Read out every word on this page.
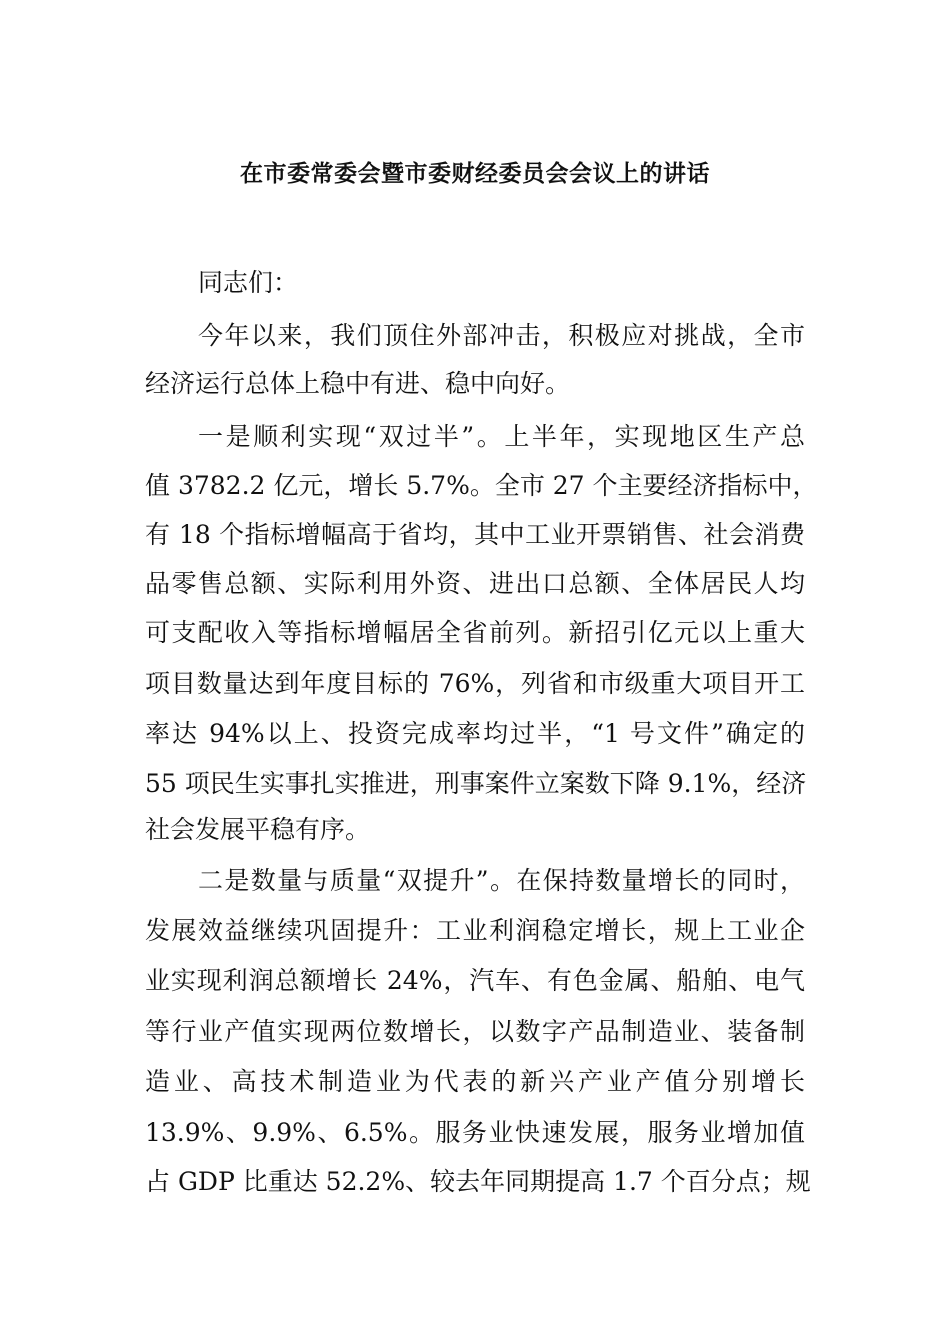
在市委常委会暨市委财经委员会会议上的讲话
同志们：
今年以来，我们顶住外部冲击，积极应对挑战，全市
经济运行总体上稳中有进、稳中向好。
一是顺利实现“双过半”。上半年，实现地区生产总
值 3782.2 亿元，增长 5.7%。全市 27 个主要经济指标中，
有 18 个指标增幅高于省均，其中工业开票销售、社会消费
品零售总额、实际利用外资、进出口总额、全体居民人均
可支配收入等指标增幅居全省前列。新招引亿元以上重大
项目数量达到年度目标的 76%，列省和市级重大项目开工
率达 94%以上、投资完成率均过半，“1 号文件”确定的
55 项民生实事扎实推进，刑事案件立案数下降 9.1%，经济
社会发展平稳有序。
二是数量与质量“双提升”。在保持数量增长的同时，
发展效益继续巩固提升：工业利润稳定增长，规上工业企
业实现利润总额增长 24%，汽车、有色金属、船舶、电气
等行业产值实现两位数增长，以数字产品制造业、装备制
造业、高技术制造业为代表的新兴产业产值分别增长
13.9%、9.9%、6.5%。服务业快速发展，服务业增加值
占 GDP 比重达 52.2%、较去年同期提高 1.7 个百分点；规
